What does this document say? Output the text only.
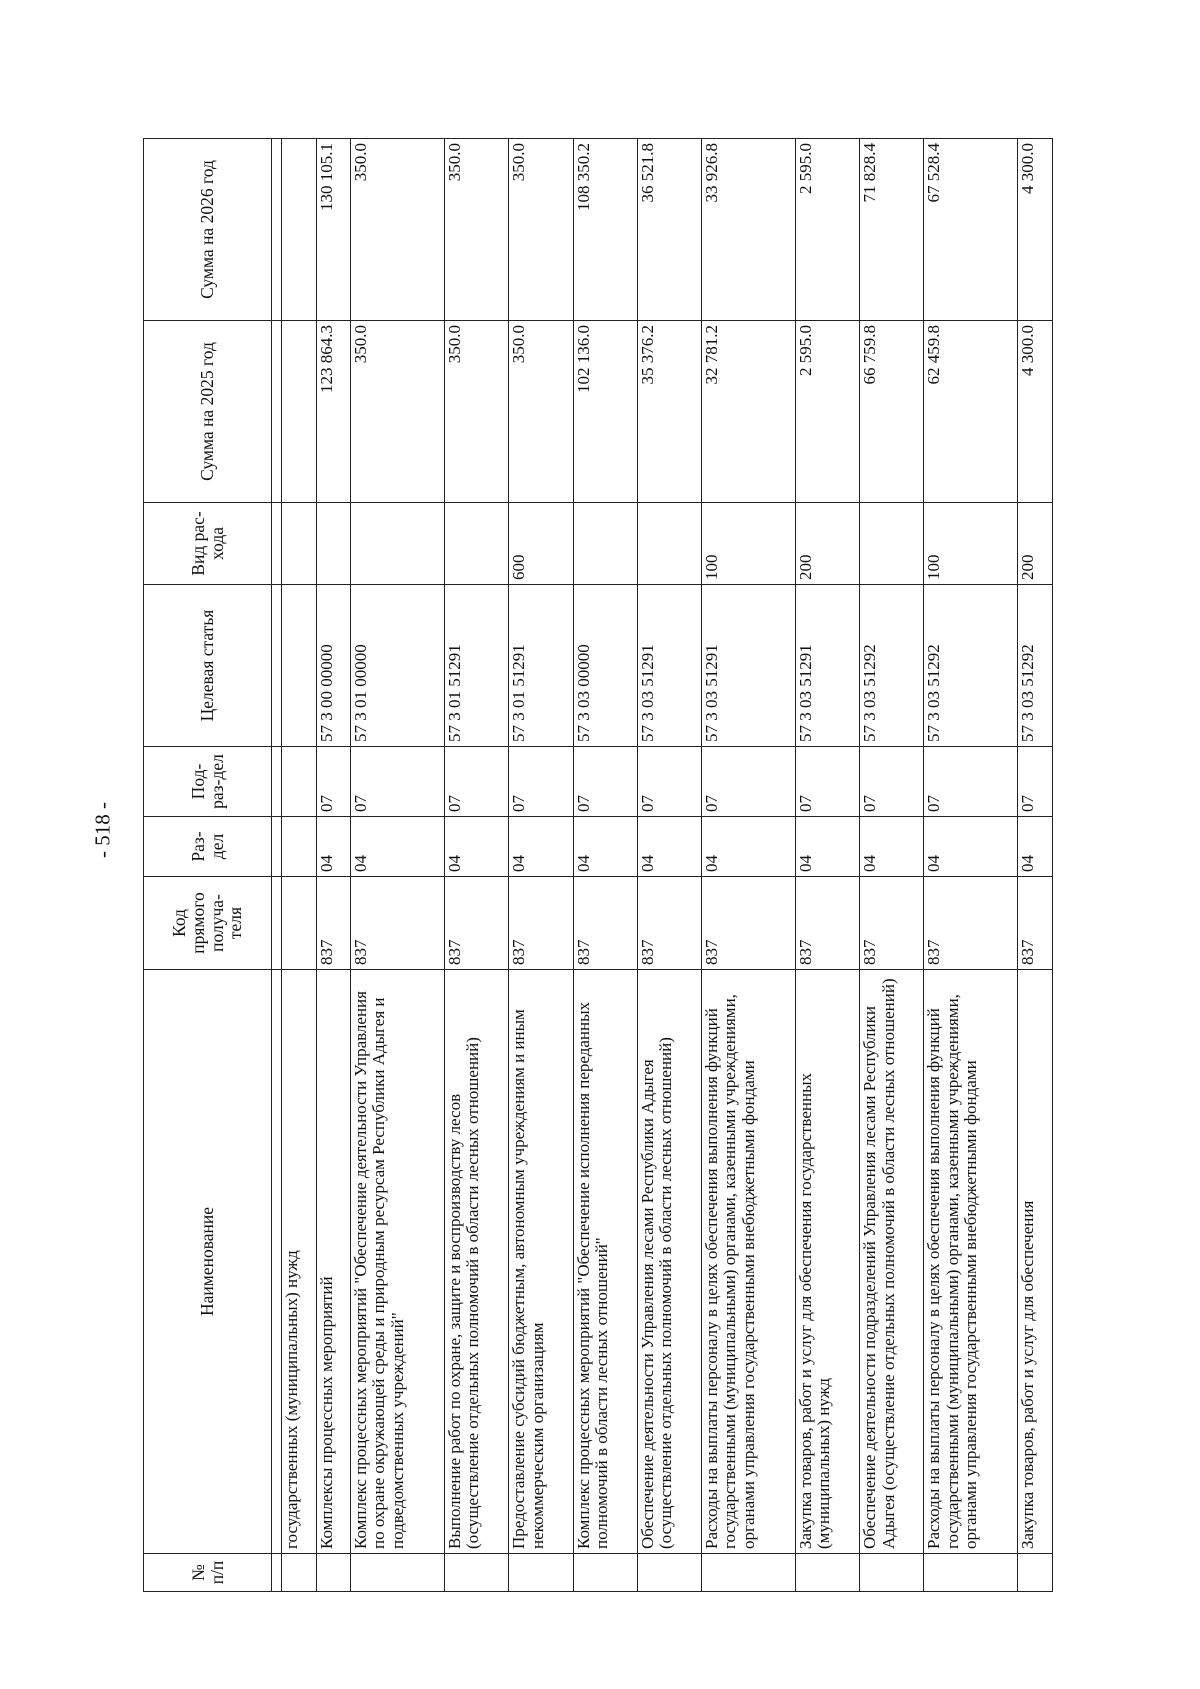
- 518 -
№ п/п	Наименование	Код прямого получа-теля	Раз-дел	Под-раз-дел	Целевая статья	Вид рас-хода	Сумма на 2025 год	Сумма на 2026 год

	государственных (муниципальных) нужд							
	Комплексы процессных мероприятий	837	04	07	57 3 00 00000		123 864.3	130 105.1
	Комплекс процессных мероприятий "Обеспечение деятельности Управления по охране окружающей среды и природным ресурсам Республики Адыгея и подведомственных учреждений"	837	04	07	57 3 01 00000		350.0	350.0
	Выполнение работ по охране, защите и воспроизводству лесов (осуществление отдельных полномочий в области лесных отношений)	837	04	07	57 3 01 51291		350.0	350.0
	Предоставление субсидий бюджетным, автономным учреждениям и иным некоммерческим организациям	837	04	07	57 3 01 51291	600	350.0	350.0
	Комплекс процессных мероприятий "Обеспечение исполнения переданных полномочий в области лесных отношений"	837	04	07	57 3 03 00000		102 136.0	108 350.2
	Обеспечение деятельности Управления лесами Республики Адыгея (осуществление отдельных полномочий в области лесных отношений)	837	04	07	57 3 03 51291		35 376.2	36 521.8
	Расходы на выплаты персоналу в целях обеспечения выполнения функций государственными (муниципальными) органами, казенными учреждениями, органами управления государственными внебюджетными фондами	837	04	07	57 3 03 51291	100	32 781.2	33 926.8
	Закупка товаров, работ и услуг для обеспечения государственных (муниципальных) нужд	837	04	07	57 3 03 51291	200	2 595.0	2 595.0
	Обеспечение деятельности подразделений Управления лесами Республики Адыгея (осуществление отдельных полномочий в области лесных отношений)	837	04	07	57 3 03 51292		66 759.8	71 828.4
	Расходы на выплаты персоналу в целях обеспечения выполнения функций государственными (муниципальными) органами, казенными учреждениями, органами управления государственными внебюджетными фондами	837	04	07	57 3 03 51292	100	62 459.8	67 528.4
	Закупка товаров, работ и услуг для обеспечения	837	04	07	57 3 03 51292	200	4 300.0	4 300.0
